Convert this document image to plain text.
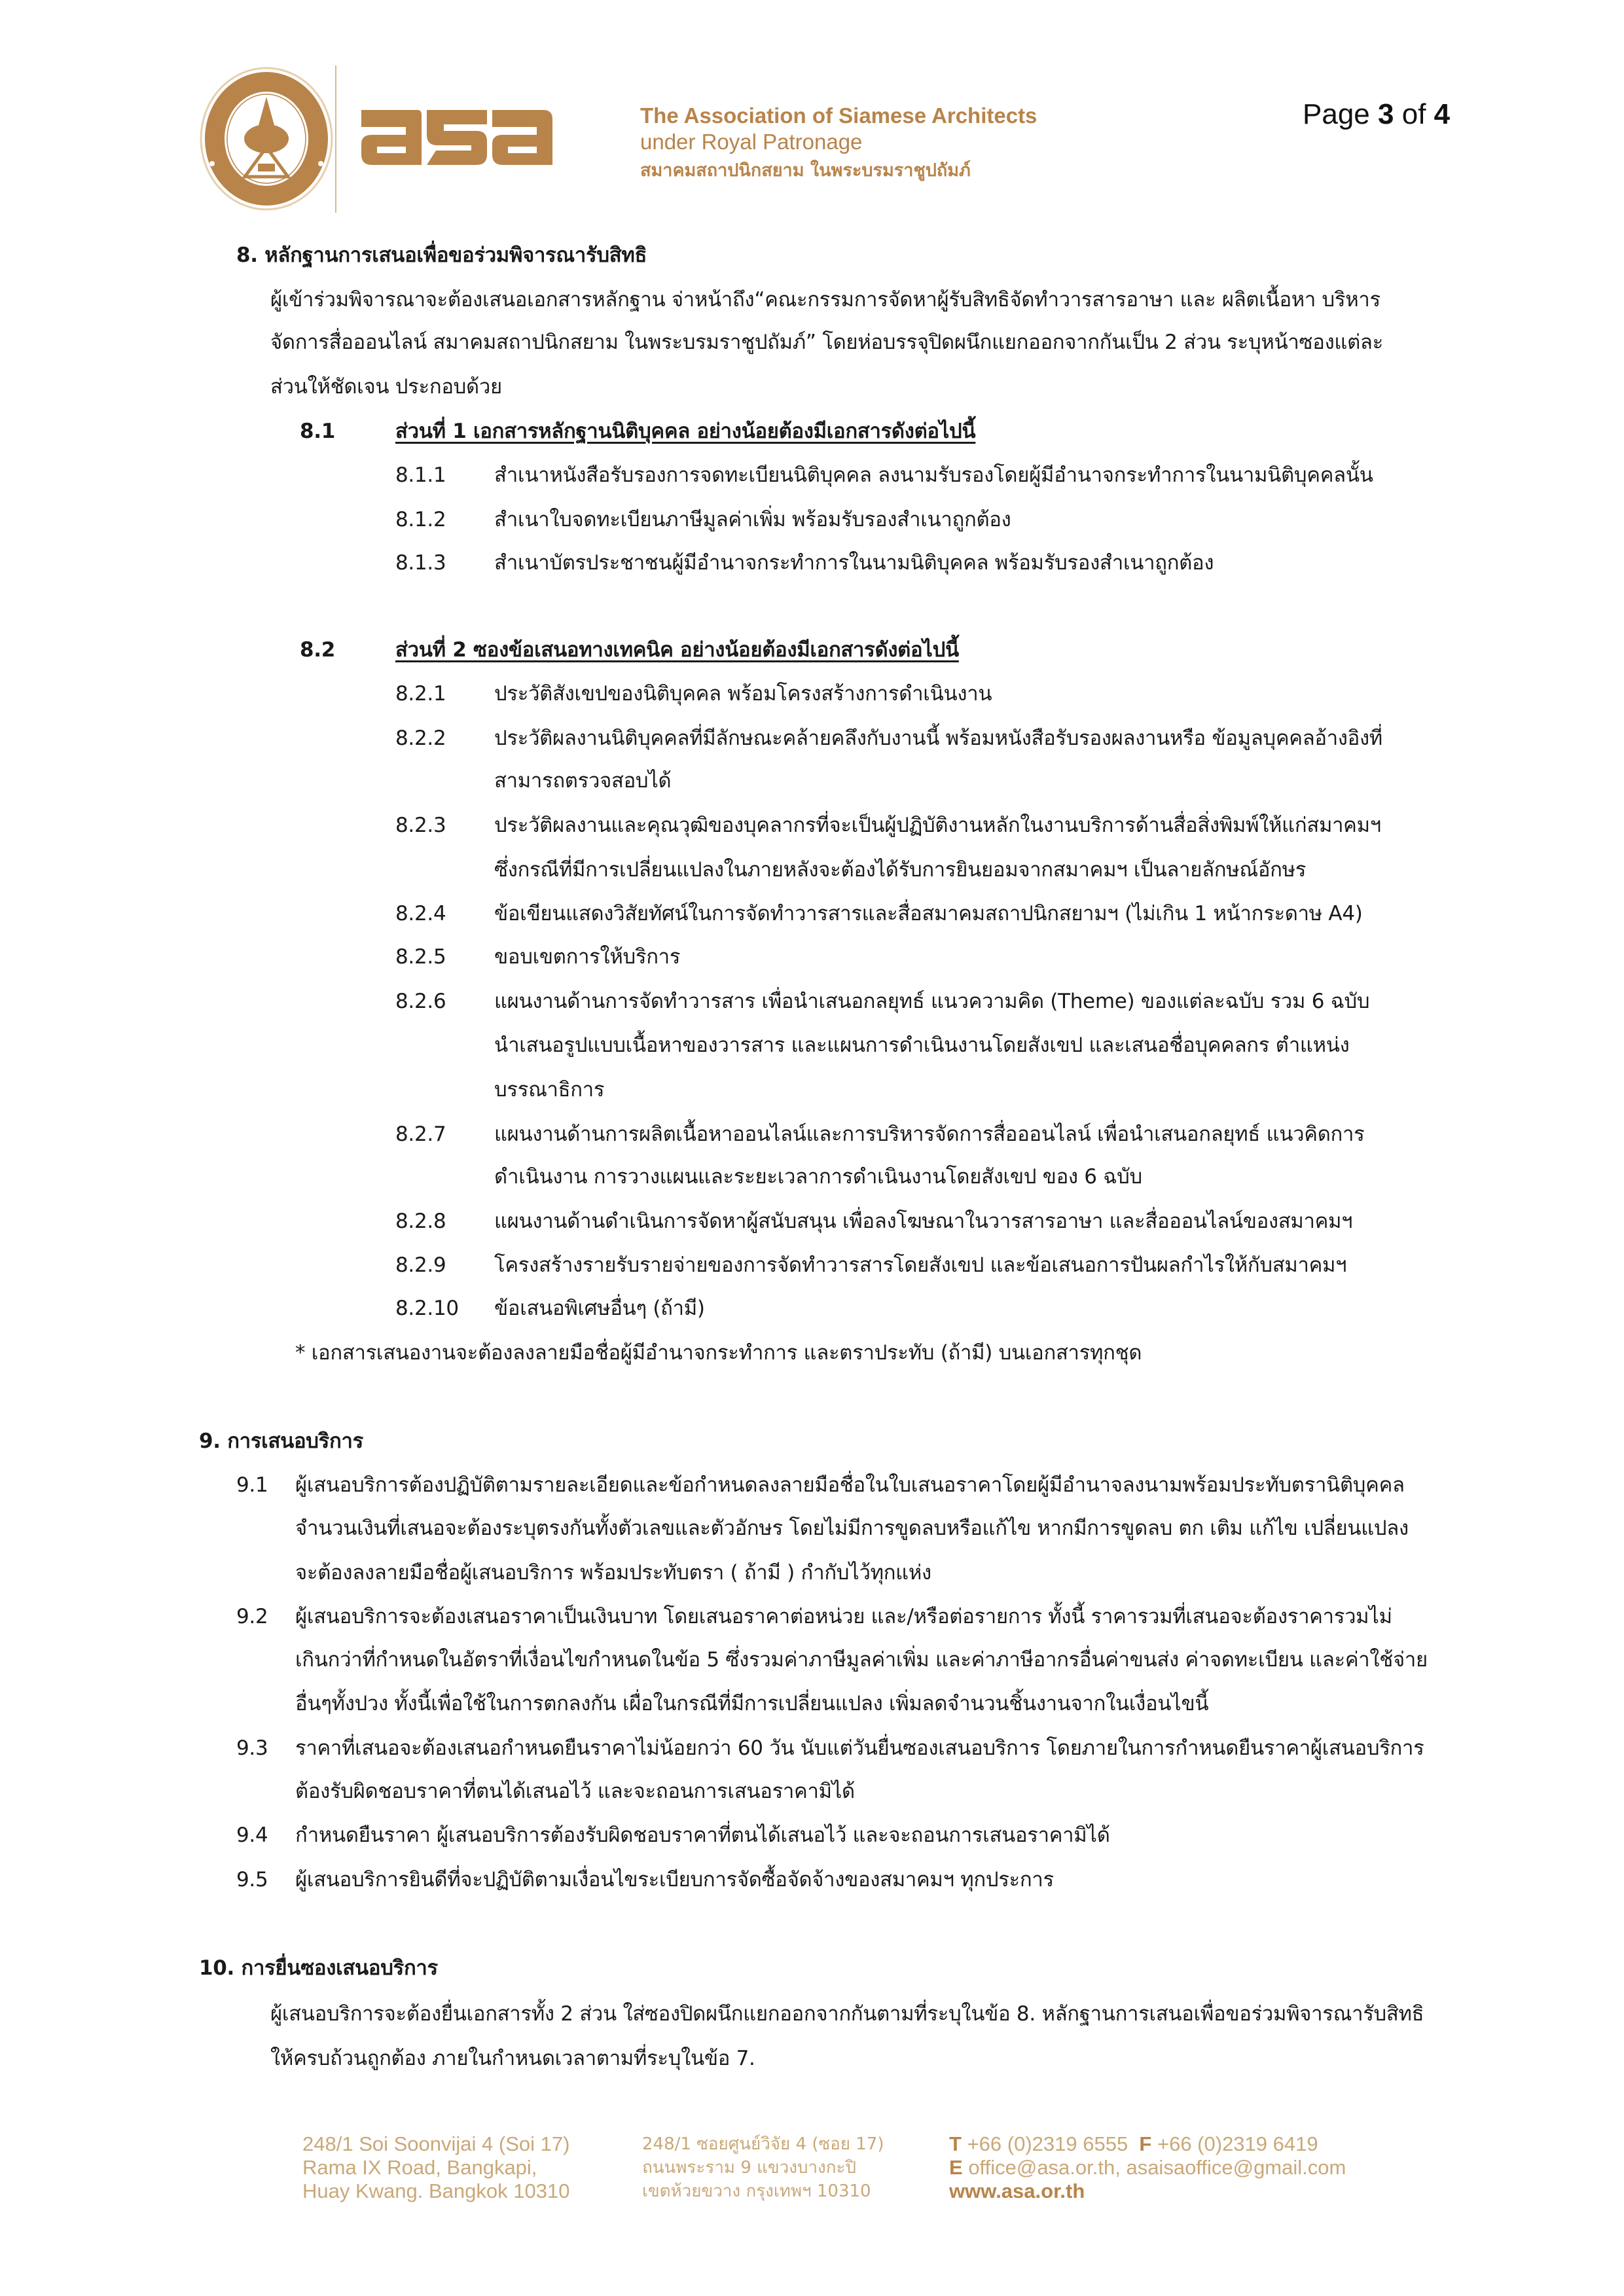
The Association of Siamese Architects
under Royal Patronage
สมาคมสถาปนิกสยาม ในพระบรมราชูปถัมภ์
Page 3 of 4
8. หลักฐานการเสนอเพื่อขอร่วมพิจารณารับสิทธิ
ผู้เข้าร่วมพิจารณาจะต้องเสนอเอกสารหลักฐาน จ่าหน้าถึง“คณะกรรมการจัดหาผู้รับสิทธิจัดทำวารสารอาษา และ ผลิตเนื้อหา บริหาร
จัดการสื่อออนไลน์ สมาคมสถาปนิกสยาม ในพระบรมราชูปถัมภ์” โดยห่อบรรจุปิดผนึกแยกออกจากกันเป็น 2 ส่วน ระบุหน้าซองแต่ละ
ส่วนให้ชัดเจน ประกอบด้วย
8.1	ส่วนที่ 1 เอกสารหลักฐานนิติบุคคล อย่างน้อยต้องมีเอกสารดังต่อไปนี้
8.1.1 สำเนาหนังสือรับรองการจดทะเบียนนิติบุคคล ลงนามรับรองโดยผู้มีอำนาจกระทำการในนามนิติบุคคลนั้น
8.1.2 สำเนาใบจดทะเบียนภาษีมูลค่าเพิ่ม พร้อมรับรองสำเนาถูกต้อง
8.1.3 สำเนาบัตรประชาชนผู้มีอำนาจกระทำการในนามนิติบุคคล พร้อมรับรองสำเนาถูกต้อง
8.2	ส่วนที่ 2 ซองข้อเสนอทางเทคนิค อย่างน้อยต้องมีเอกสารดังต่อไปนี้
8.2.1 ประวัติสังเขปของนิติบุคคล พร้อมโครงสร้างการดำเนินงาน
8.2.2 ประวัติผลงานนิติบุคคลที่มีลักษณะคล้ายคลึงกับงานนี้ พร้อมหนังสือรับรองผลงานหรือ ข้อมูลบุคคลอ้างอิงที่
สามารถตรวจสอบได้
8.2.3 ประวัติผลงานและคุณวุฒิของบุคลากรที่จะเป็นผู้ปฏิบัติงานหลักในงานบริการด้านสื่อสิ่งพิมพ์ให้แก่สมาคมฯ
ซึ่งกรณีที่มีการเปลี่ยนแปลงในภายหลังจะต้องได้รับการยินยอมจากสมาคมฯ เป็นลายลักษณ์อักษร
8.2.4 ข้อเขียนแสดงวิสัยทัศน์ในการจัดทำวารสารและสื่อสมาคมสถาปนิกสยามฯ (ไม่เกิน 1 หน้ากระดาษ A4)
8.2.5 ขอบเขตการให้บริการ
8.2.6 แผนงานด้านการจัดทำวารสาร เพื่อนำเสนอกลยุทธ์ แนวความคิด (Theme) ของแต่ละฉบับ รวม 6 ฉบับ
นำเสนอรูปแบบเนื้อหาของวารสาร และแผนการดำเนินงานโดยสังเขป และเสนอชื่อบุคคลกร ตำแหน่ง
บรรณาธิการ
8.2.7 แผนงานด้านการผลิตเนื้อหาออนไลน์และการบริหารจัดการสื่อออนไลน์ เพื่อนำเสนอกลยุทธ์ แนวคิดการ
ดำเนินงาน การวางแผนและระยะเวลาการดำเนินงานโดยสังเขป ของ 6 ฉบับ
8.2.8 แผนงานด้านดำเนินการจัดหาผู้สนับสนุน เพื่อลงโฆษณาในวารสารอาษา และสื่อออนไลน์ของสมาคมฯ
8.2.9 โครงสร้างรายรับรายจ่ายของการจัดทำวารสารโดยสังเขป และข้อเสนอการปันผลกำไรให้กับสมาคมฯ
8.2.10 ข้อเสนอพิเศษอื่นๆ (ถ้ามี)
* เอกสารเสนองานจะต้องลงลายมือชื่อผู้มีอำนาจกระทำการ และตราประทับ (ถ้ามี) บนเอกสารทุกชุด
9. การเสนอบริการ
9.1 ผู้เสนอบริการต้องปฏิบัติตามรายละเอียดและข้อกำหนดลงลายมือชื่อในใบเสนอราคาโดยผู้มีอำนาจลงนามพร้อมประทับตรานิติบุคคล
จำนวนเงินที่เสนอจะต้องระบุตรงกันทั้งตัวเลขและตัวอักษร โดยไม่มีการขูดลบหรือแก้ไข หากมีการขูดลบ ตก เติม แก้ไข เปลี่ยนแปลง
จะต้องลงลายมือชื่อผู้เสนอบริการ พร้อมประทับตรา ( ถ้ามี ) กำกับไว้ทุกแห่ง
9.2 ผู้เสนอบริการจะต้องเสนอราคาเป็นเงินบาท โดยเสนอราคาต่อหน่วย และ/หรือต่อรายการ ทั้งนี้ ราคารวมที่เสนอจะต้องราคารวมไม่
เกินกว่าที่กำหนดในอัตราที่เงื่อนไขกำหนดในข้อ 5 ซึ่งรวมค่าภาษีมูลค่าเพิ่ม และค่าภาษีอากรอื่นค่าขนส่ง ค่าจดทะเบียน และค่าใช้จ่าย
อื่นๆทั้งปวง ทั้งนี้เพื่อใช้ในการตกลงกัน เผื่อในกรณีที่มีการเปลี่ยนแปลง เพิ่มลดจำนวนชิ้นงานจากในเงื่อนไขนี้
9.3 ราคาที่เสนอจะต้องเสนอกำหนดยืนราคาไม่น้อยกว่า 60 วัน นับแต่วันยื่นซองเสนอบริการ โดยภายในการกำหนดยืนราคาผู้เสนอบริการ
ต้องรับผิดชอบราคาที่ตนได้เสนอไว้ และจะถอนการเสนอราคามิได้
9.4 กำหนดยืนราคา ผู้เสนอบริการต้องรับผิดชอบราคาที่ตนได้เสนอไว้ และจะถอนการเสนอราคามิได้
9.5 ผู้เสนอบริการยินดีที่จะปฏิบัติตามเงื่อนไขระเบียบการจัดซื้อจัดจ้างของสมาคมฯ ทุกประการ
10. การยื่นซองเสนอบริการ
ผู้เสนอบริการจะต้องยื่นเอกสารทั้ง 2 ส่วน ใส่ซองปิดผนึกแยกออกจากกันตามที่ระบุในข้อ 8. หลักฐานการเสนอเพื่อขอร่วมพิจารณารับสิทธิ
ให้ครบถ้วนถูกต้อง ภายในกำหนดเวลาตามที่ระบุในข้อ 7.
248/1 Soi Soonvijai 4 (Soi 17)
Rama IX Road, Bangkapi,
Huay Kwang. Bangkok 10310
248/1 ซอยศูนย์วิจัย 4 (ซอย 17)
ถนนพระราม 9 แขวงบางกะปิ
เขตห้วยขวาง กรุงเทพฯ 10310
T +66 (0)2319 6555 F +66 (0)2319 6419
E office@asa.or.th, asaisaoffice@gmail.com
www.asa.or.th
